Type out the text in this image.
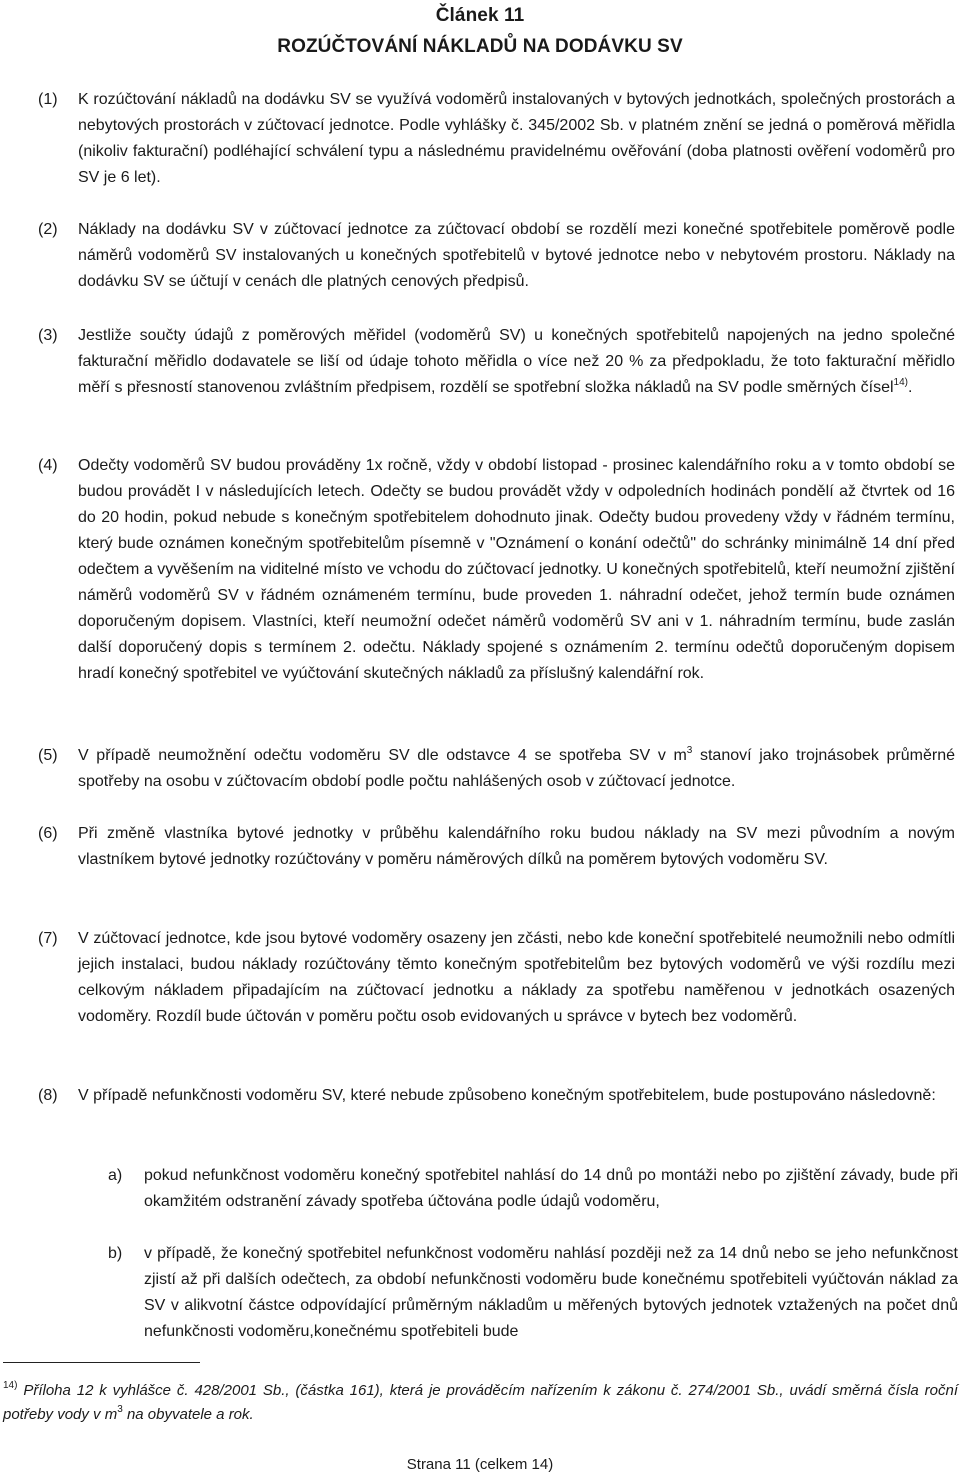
Článek 11
ROZÚČTOVÁNÍ NÁKLADŮ NA DODÁVKU SV
(1)	K rozúčtování nákladů na dodávku SV se využívá vodoměrů instalovaných v bytových jednotkách, společných prostorách a nebytových prostorách v zúčtovací jednotce. Podle vyhlášky č. 345/2002 Sb. v platném znění se jedná o poměrová měřidla (nikoliv fakturační) podléhající schválení typu a následnému pravidelnému ověřování (doba platnosti ověření vodoměrů pro SV je 6 let).
(2)	Náklady na dodávku SV v zúčtovací jednotce za zúčtovací období se rozdělí mezi konečné spotřebitele poměrově podle náměrů vodoměrů SV instalovaných u konečných spotřebitelů v bytové jednotce nebo v nebytovém prostoru. Náklady na dodávku SV se účtují v cenách dle platných cenových předpisů.
(3)	Jestliže součty údajů z poměrových měřidel (vodoměrů SV) u konečných spotřebitelů napojených na jedno společné fakturační měřidlo dodavatele se liší od údaje tohoto měřidla o více než 20 % za předpokladu, že toto fakturační měřidlo měří s přesností stanovenou zvláštním předpisem, rozdělí se spotřební složka nákladů na SV podle směrných čísel$^{14)}$.
(4)	Odečty vodoměrů SV budou prováděny 1x ročně, vždy v období listopad - prosinec kalendářního roku a v tomto období se budou provádět I v následujících letech. Odečty se budou provádět vždy v odpoledních hodinách pondělí až čtvrtek od 16 do 20 hodin, pokud nebude s konečným spotřebitelem dohodnuto jinak. Odečty budou provedeny vždy v řádném termínu, který bude oznámen konečným spotřebitelům písemně v "Oznámení o konání odečtů" do schránky minimálně 14 dní před odečtem a vyvěšením na viditelné místo ve vchodu do zúčtovací jednotky. U konečných spotřebitelů, kteří neumožní zjištění náměrů vodoměrů SV v řádném oznámeném termínu, bude proveden 1. náhradní odečet, jehož termín bude oznámen doporučeným dopisem. Vlastníci, kteří neumožní odečet náměrů vodoměrů SV ani v 1. náhradním termínu, bude zaslán další doporučený dopis s termínem 2. odečtu. Náklady spojené s oznámením 2. termínu odečtů doporučeným dopisem hradí konečný spotřebitel ve vyúčtování skutečných nákladů za příslušný kalendářní rok.
(5)	V případě neumožnění odečtu vodoměru SV dle odstavce 4 se spotřeba SV v $m^3$ stanoví jako trojnásobek průměrné spotřeby na osobu v zúčtovacím období podle počtu nahlášených osob v zúčtovací jednotce.
(6)	Při změně vlastníka bytové jednotky v průběhu kalendářního roku budou náklady na SV mezi původním a novým vlastníkem bytové jednotky rozúčtovány v poměru náměrových dílků na poměrem bytových vodoměru SV.
(7)	V zúčtovací jednotce, kde jsou bytové vodoměry osazeny jen zčásti, nebo kde koneční spotřebitelé neumožnili nebo odmítli jejich instalaci, budou náklady rozúčtovány těmto konečným spotřebitelům bez bytových vodoměrů ve výši rozdílu mezi celkovým nákladem připadajícím na zúčtovací jednotku a náklady za spotřebu naměřenou v jednotkách osazených vodoměry. Rozdíl bude účtován v poměru počtu osob evidovaných u správce v bytech bez vodoměrů.
(8)	V případě nefunkčnosti vodoměru SV, které nebude způsobeno konečným spotřebitelem, bude postupováno následovně:
a)	pokud nefunkčnost vodoměru konečný spotřebitel nahlásí do 14 dnů po montáži nebo po zjištění závady, bude při okamžitém odstranění závady spotřeba účtována podle údajů vodoměru,
b)	v případě, že konečný spotřebitel nefunkčnost vodoměru nahlásí později než za 14 dnů nebo se jeho nefunkčnost zjistí až při dalších odečtech, za období nefunkčnosti vodoměru bude konečnému spotřebiteli vyúčtován náklad za SV v alikvotní částce odpovídající průměrným nákladům u měřených bytových jednotek vztažených na počet dnů nefunkčnosti vodoměru,konečnému spotřebiteli bude
$^{14)}$ Příloha 12 k vyhlášce č. 428/2001 Sb., (částka 161), která je prováděcím nařízením k zákonu č. 274/2001 Sb., uvádí směrná čísla roční potřeby vody v $m^3$ na obyvatele a rok.
Strana 11 (celkem 14)
